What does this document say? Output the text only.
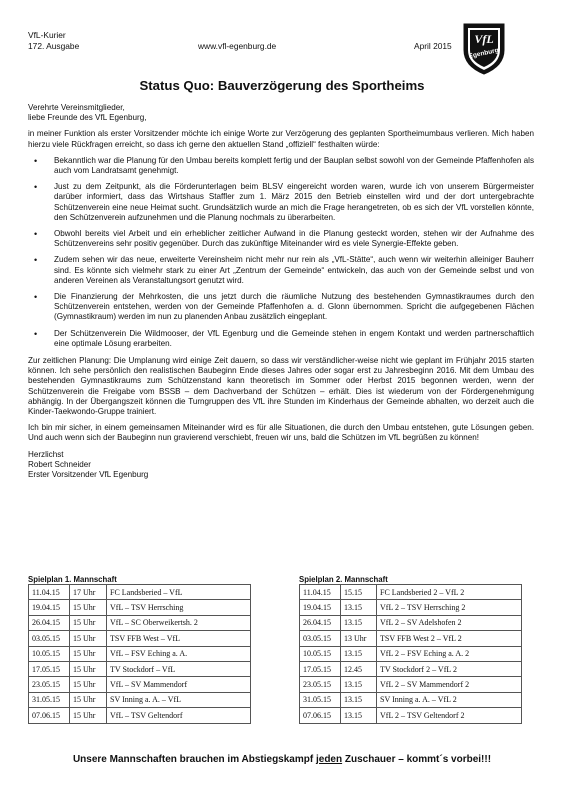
VfL-Kurier
172. Ausgabe	www.vfl-egenburg.de	April 2015 VfL
Egenburg
Status Quo: Bauverzögerung des Sportheims

Verehrte Vereinsmitglieder,
liebe Freunde des VfL Egenburg,

in meiner Funktion als erster Vorsitzender möchte ich einige Worte zur Verzögerung des geplanten Sportheimumbaus verlieren. Mich haben hierzu viele Rückfragen erreicht, so dass ich gerne den aktuellen Stand „offiziell“ festhalten würde:

• Bekanntlich war die Planung für den Umbau bereits komplett fertig und der Bauplan selbst sowohl von der Gemeinde Pfaffenhofen als auch vom Landratsamt genehmigt.
• Just zu dem Zeitpunkt, als die Förderunterlagen beim BLSV eingereicht worden waren, wurde ich von unserem Bürgermeister darüber informiert, dass das Wirtshaus Staffler zum 1. März 2015 den Betrieb einstellen wird und der dort untergebrachte Schützenverein eine neue Heimat sucht. Grundsätzlich wurde an mich die Frage herangetreten, ob es sich der VfL vorstellen könnte, den Schützenverein aufzunehmen und die Planung nochmals zu überarbeiten.
• Obwohl bereits viel Arbeit und ein erheblicher zeitlicher Aufwand in die Planung gesteckt worden, stehen wir der Aufnahme des Schützenvereins sehr positiv gegenüber. Durch das zukünftige Miteinander wird es viele Synergie-Effekte geben.
• Zudem sehen wir das neue, erweiterte Vereinsheim nicht mehr nur rein als „VfL-Stätte“, auch wenn wir weiterhin alleiniger Bauherr sind. Es könnte sich vielmehr stark zu einer Art „Zentrum der Gemeinde“ entwickeln, das auch von der Gemeinde selbst und von anderen Vereinen als Veranstaltungsort genutzt wird.
• Die Finanzierung der Mehrkosten, die uns jetzt durch die räumliche Nutzung des bestehenden Gymnastikraumes durch den Schützenverein entstehen, werden von der Gemeinde Pfaffenhofen a. d. Glonn übernommen. Spricht die aufgegebenen Flächen (Gymnastikraum) werden im nun zu planenden Anbau zusätzlich eingeplant.
• Der Schützenverein Die Wildmooser, der VfL Egenburg und die Gemeinde stehen in engem Kontakt und werden partnerschaftlich eine optimale Lösung erarbeiten.

Zur zeitlichen Planung: Die Umplanung wird einige Zeit dauern, so dass wir verständlicher-weise nicht wie geplant im Frühjahr 2015 starten können. Ich sehe persönlich den realistischen Baubeginn Ende dieses Jahres oder sogar erst zu Jahresbeginn 2016. Mit dem Umbau des bestehenden Gymnastikraums zum Schützenstand kann theoretisch im Sommer oder Herbst 2015 begonnen werden, wenn der Schützenverein die Freigabe vom BSSB – dem Dachverband der Schützen – erhält. Dies ist wiederum von der Fördergenehmigung abhängig. In der Übergangszeit können die Turngruppen des VfL ihre Stunden im Kinderhaus der Gemeinde abhalten, wo derzeit auch die Kinder-Taekwondo-Gruppe trainiert.

Ich bin mir sicher, in einem gemeinsamen Miteinander wird es für alle Situationen, die durch den Umbau entstehen, gute Lösungen geben. Und auch wenn sich der Baubeginn nun gravierend verschiebt, freuen wir uns, bald die Schützen im VfL begrüßen zu können!

Herzlichst
Robert Schneider
Erster Vorsitzender VfL Egenburg

Spielplan 1. Mannschaft
11.04.15	17 Uhr	FC Landsberied – VfL
19.04.15	15 Uhr	VfL – TSV Herrsching
26.04.15	15 Uhr	VfL – SC Oberweikertsh. 2
03.05.15	15 Uhr	TSV FFB West – VfL
10.05.15	15 Uhr	VfL – FSV Eching a. A.
17.05.15	15 Uhr	TV Stockdorf – VfL
23.05.15	15 Uhr	VfL – SV Mammendorf
31.05.15	15 Uhr	SV Inning a. A. – VfL
07.06.15	15 Uhr	VfL – TSV Geltendorf
Spielplan 2. Mannschaft
11.04.15	15.15	FC Landsberied 2 – VfL 2
19.04.15	13.15	VfL 2 – TSV Herrsching 2
26.04.15	13.15	VfL 2 – SV Adelshofen 2
03.05.15	13 Uhr	TSV FFB West 2 – VfL 2
10.05.15	13.15	VfL 2 – FSV Eching a. A. 2
17.05.15	12.45	TV Stockdorf 2 – VfL 2
23.05.15	13.15	VfL 2 – SV Mammendorf 2
31.05.15	13.15	SV Inning a. A. – VfL 2
07.06.15	13.15	VfL 2 – TSV Geltendorf 2
Unsere Mannschaften brauchen im Abstiegskampf jeden Zuschauer – kommt´s vorbei!!!
